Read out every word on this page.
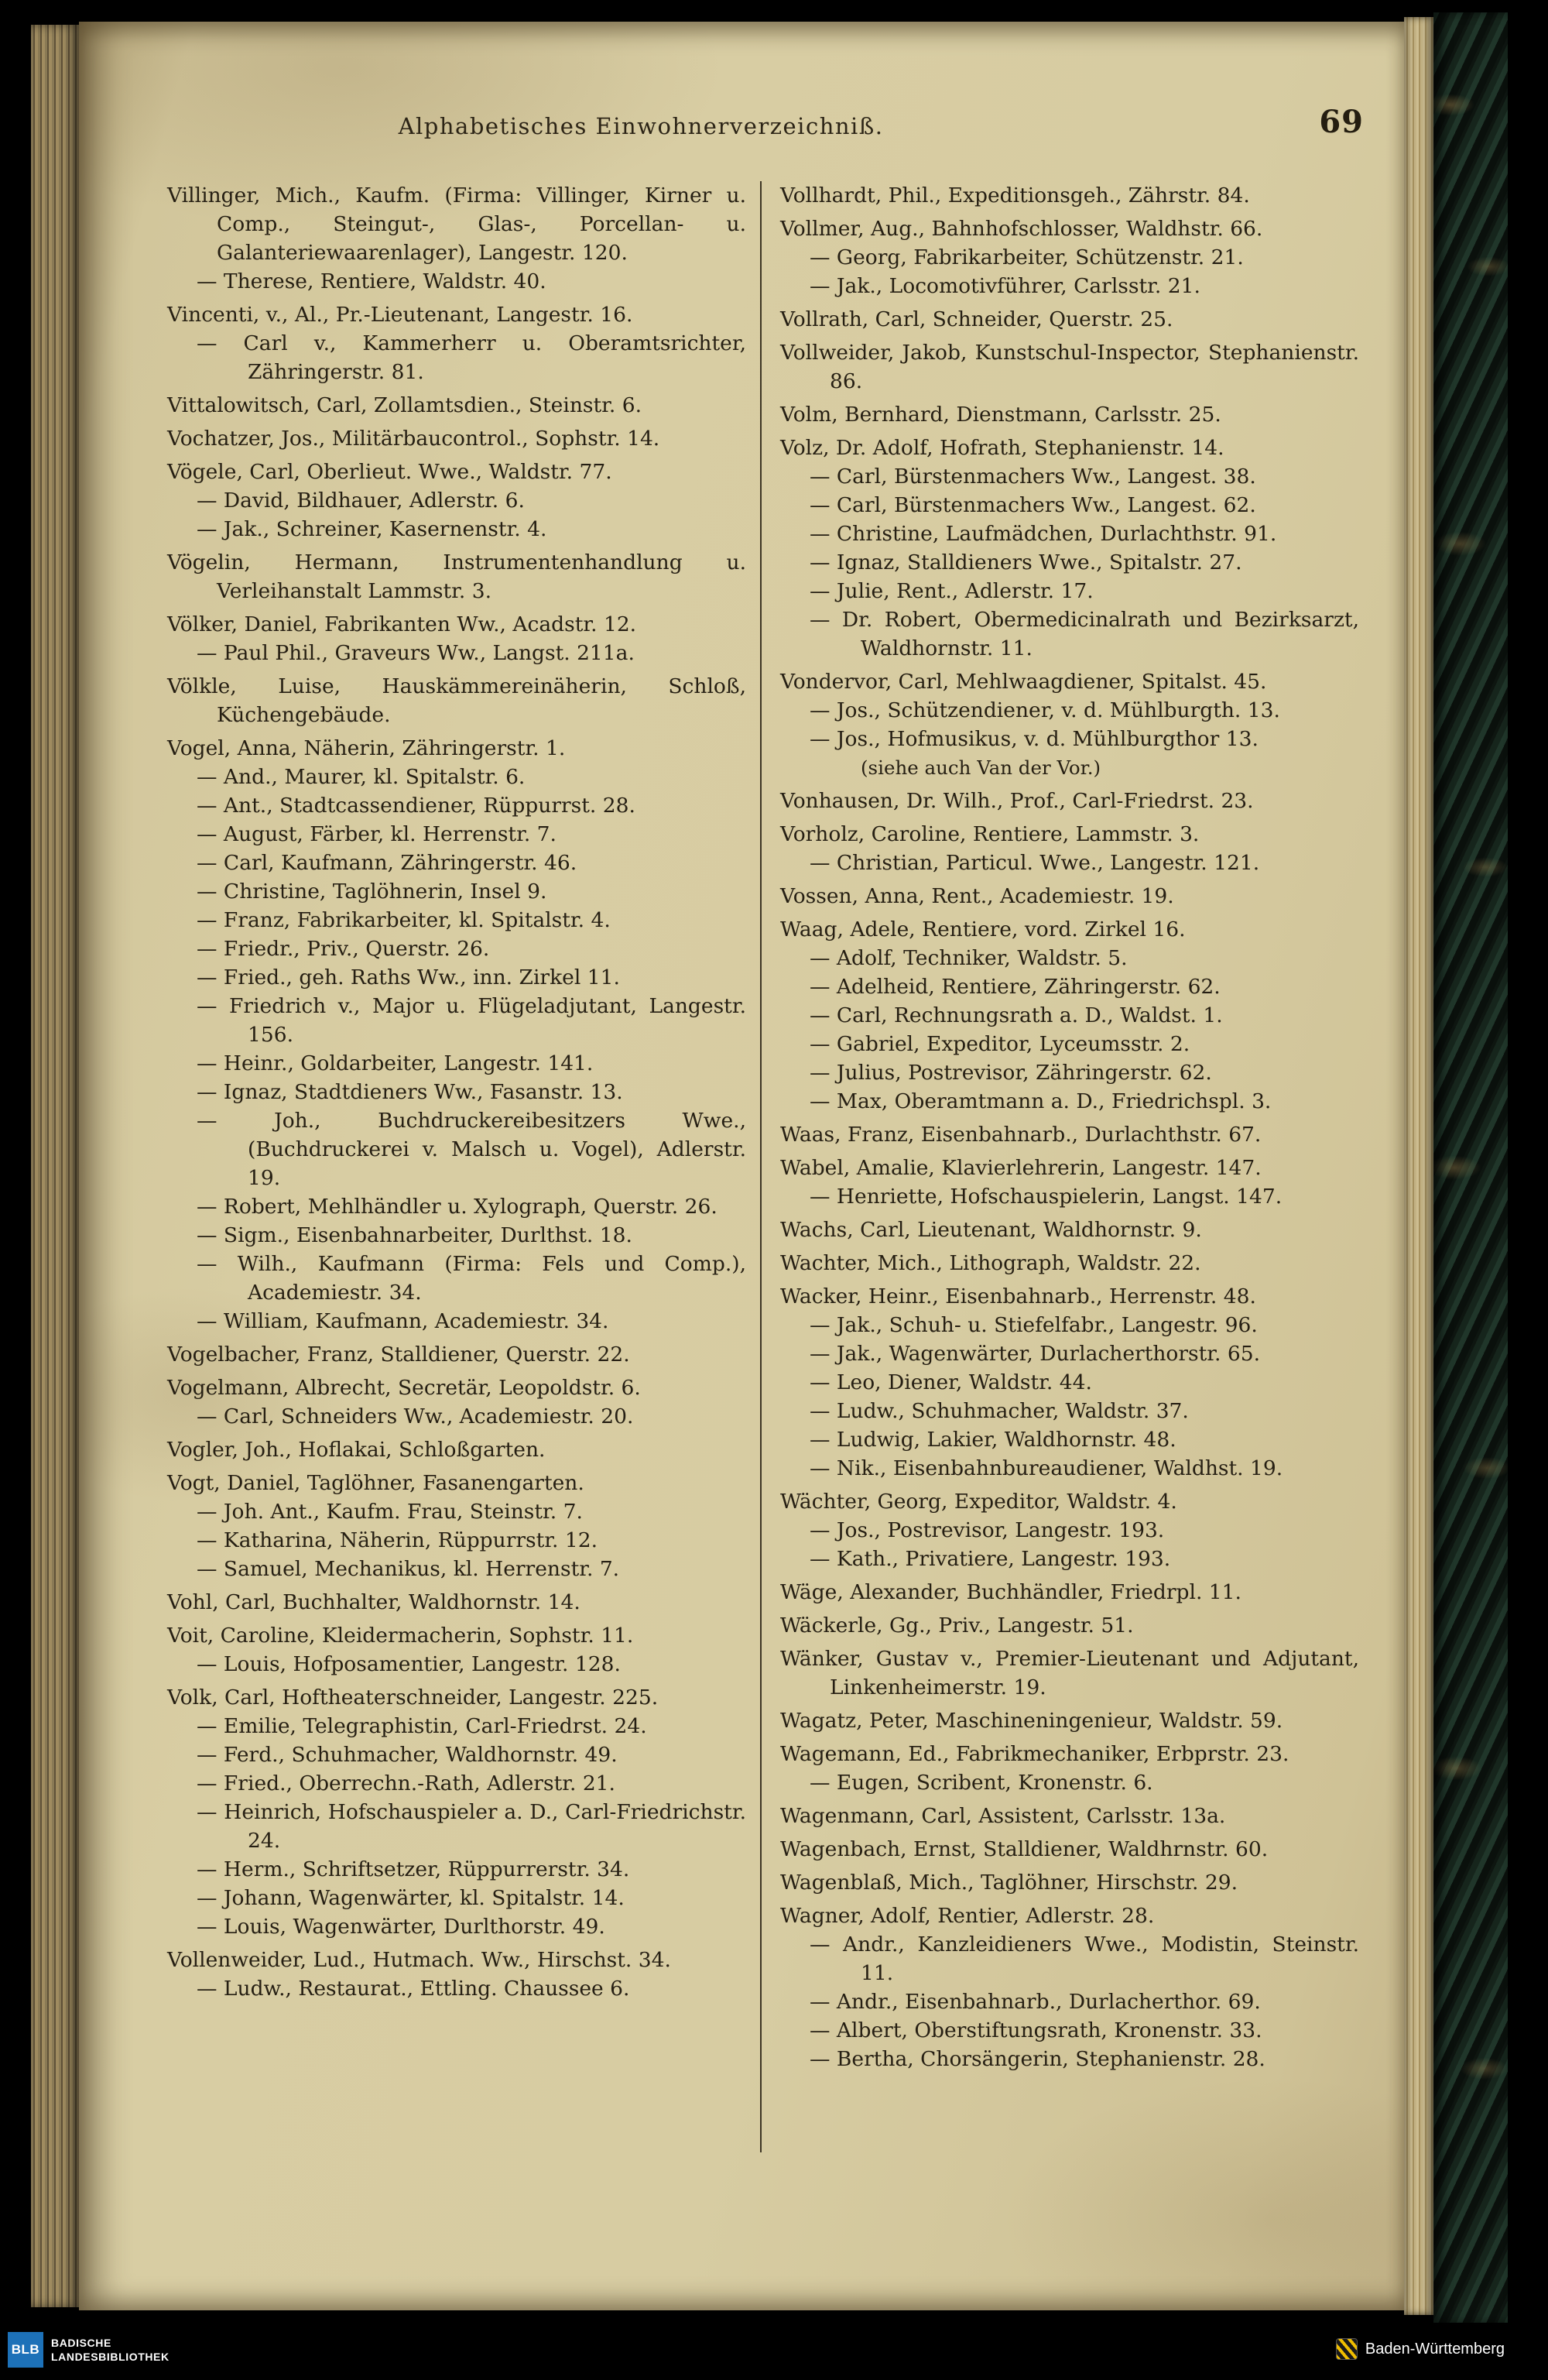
Alphabetisches Einwohnerverzeichniß.	69

Villinger, Mich., Kaufm. (Firma: Villinger, Kirner u. Comp., Steingut-, Glas-, Porcellan- u. Galanteriewaarenlager), Langestr. 120.

— Therese, Rentiere, Waldstr. 40.

Vincenti, v., Al., Pr.-Lieutenant, Langestr. 16.

— Carl v., Kammerherr u. Oberamtsrichter, Zähringerstr. 81.

Vittalowitsch, Carl, Zollamtsdien., Steinstr. 6.

Vochatzer, Jos., Militärbaucontrol., Sophstr. 14.

Vögele, Carl, Oberlieut. Wwe., Waldstr. 77.

— David, Bildhauer, Adlerstr. 6.

— Jak., Schreiner, Kasernenstr. 4.

Vögelin, Hermann, Instrumentenhandlung u. Verleihanstalt Lammstr. 3.

Völker, Daniel, Fabrikanten Ww., Acadstr. 12.

— Paul Phil., Graveurs Ww., Langst. 211a.

Völkle, Luise, Hauskämmereinäherin, Schloß, Küchengebäude.

Vogel, Anna, Näherin, Zähringerstr. 1.

— And., Maurer, kl. Spitalstr. 6.

— Ant., Stadtcassendiener, Rüppurrst. 28.

— August, Färber, kl. Herrenstr. 7.

— Carl, Kaufmann, Zähringerstr. 46.

— Christine, Taglöhnerin, Insel 9.

— Franz, Fabrikarbeiter, kl. Spitalstr. 4.

— Friedr., Priv., Querstr. 26.

— Fried., geh. Raths Ww., inn. Zirkel 11.

— Friedrich v., Major u. Flügeladjutant, Langestr. 156.

— Heinr., Goldarbeiter, Langestr. 141.

— Ignaz, Stadtdieners Ww., Fasanstr. 13.

— Joh., Buchdruckereibesitzers Wwe., (Buchdruckerei v. Malsch u. Vogel), Adlerstr. 19.

— Robert, Mehlhändler u. Xylograph, Querstr. 26.

— Sigm., Eisenbahnarbeiter, Durlthst. 18.

— Wilh., Kaufmann (Firma: Fels und Comp.), Academiestr. 34.

— William, Kaufmann, Academiestr. 34.

Vogelbacher, Franz, Stalldiener, Querstr. 22.

Vogelmann, Albrecht, Secretär, Leopoldstr. 6.

— Carl, Schneiders Ww., Academiestr. 20.

Vogler, Joh., Hoflakai, Schloßgarten.

Vogt, Daniel, Taglöhner, Fasanengarten.

— Joh. Ant., Kaufm. Frau, Steinstr. 7.

— Katharina, Näherin, Rüppurrstr. 12.

— Samuel, Mechanikus, kl. Herrenstr. 7.

Vohl, Carl, Buchhalter, Waldhornstr. 14.

Voit, Caroline, Kleidermacherin, Sophstr. 11.

— Louis, Hofposamentier, Langestr. 128.

Volk, Carl, Hoftheaterschneider, Langestr. 225.

— Emilie, Telegraphistin, Carl-Friedrst. 24.

— Ferd., Schuhmacher, Waldhornstr. 49.

— Fried., Oberrechn.-Rath, Adlerstr. 21.

— Heinrich, Hofschauspieler a. D., Carl-Friedrichstr. 24.

— Herm., Schriftsetzer, Rüppurrerstr. 34.

— Johann, Wagenwärter, kl. Spitalstr. 14.

— Louis, Wagenwärter, Durlthorstr. 49.

Vollenweider, Lud., Hutmach. Ww., Hirschst. 34.

— Ludw., Restaurat., Ettling. Chaussee 6.

Vollhardt, Phil., Expeditionsgeh., Zährstr. 84.

Vollmer, Aug., Bahnhofschlosser, Waldhstr. 66.

— Georg, Fabrikarbeiter, Schützenstr. 21.

— Jak., Locomotivführer, Carlsstr. 21.

Vollrath, Carl, Schneider, Querstr. 25.

Vollweider, Jakob, Kunstschul-Inspector, Stephanienstr. 86.

Volm, Bernhard, Dienstmann, Carlsstr. 25.

Volz, Dr. Adolf, Hofrath, Stephanienstr. 14.

— Carl, Bürstenmachers Ww., Langest. 38.

— Carl, Bürstenmachers Ww., Langest. 62.

— Christine, Laufmädchen, Durlachthstr. 91.

— Ignaz, Stalldieners Wwe., Spitalstr. 27.

— Julie, Rent., Adlerstr. 17.

— Dr. Robert, Obermedicinalrath und Bezirksarzt, Waldhornstr. 11.

Vondervor, Carl, Mehlwaagdiener, Spitalst. 45.

— Jos., Schützendiener, v. d. Mühlburgth. 13.

— Jos., Hofmusikus, v. d. Mühlburgthor 13.

(siehe auch Van der Vor.)

Vonhausen, Dr. Wilh., Prof., Carl-Friedrst. 23.

Vorholz, Caroline, Rentiere, Lammstr. 3.

— Christian, Particul. Wwe., Langestr. 121.

Vossen, Anna, Rent., Academiestr. 19.

Waag, Adele, Rentiere, vord. Zirkel 16.

— Adolf, Techniker, Waldstr. 5.

— Adelheid, Rentiere, Zähringerstr. 62.

— Carl, Rechnungsrath a. D., Waldst. 1.

— Gabriel, Expeditor, Lyceumsstr. 2.

— Julius, Postrevisor, Zähringerstr. 62.

— Max, Oberamtmann a. D., Friedrichspl. 3.

Waas, Franz, Eisenbahnarb., Durlachthstr. 67.

Wabel, Amalie, Klavierlehrerin, Langestr. 147.

— Henriette, Hofschauspielerin, Langst. 147.

Wachs, Carl, Lieutenant, Waldhornstr. 9.

Wachter, Mich., Lithograph, Waldstr. 22.

Wacker, Heinr., Eisenbahnarb., Herrenstr. 48.

— Jak., Schuh- u. Stiefelfabr., Langestr. 96.

— Jak., Wagenwärter, Durlacherthorstr. 65.

— Leo, Diener, Waldstr. 44.

— Ludw., Schuhmacher, Waldstr. 37.

— Ludwig, Lakier, Waldhornstr. 48.

— Nik., Eisenbahnbureaudiener, Waldhst. 19.

Wächter, Georg, Expeditor, Waldstr. 4.

— Jos., Postrevisor, Langestr. 193.

— Kath., Privatiere, Langestr. 193.

Wäge, Alexander, Buchhändler, Friedrpl. 11.

Wäckerle, Gg., Priv., Langestr. 51.

Wänker, Gustav v., Premier-Lieutenant und Adjutant, Linkenheimerstr. 19.

Wagatz, Peter, Maschineningenieur, Waldstr. 59.

Wagemann, Ed., Fabrikmechaniker, Erbprstr. 23.

— Eugen, Scribent, Kronenstr. 6.

Wagenmann, Carl, Assistent, Carlsstr. 13a.

Wagenbach, Ernst, Stalldiener, Waldhrnstr. 60.

Wagenblaß, Mich., Taglöhner, Hirschstr. 29.

Wagner, Adolf, Rentier, Adlerstr. 28.

— Andr., Kanzleidieners Wwe., Modistin, Steinstr. 11.

— Andr., Eisenbahnarb., Durlacherthor. 69.

— Albert, Oberstiftungsrath, Kronenstr. 33.

— Bertha, Chorsängerin, Stephanienstr. 28.

BLB	BADISCHE
LANDESBIBLIOTHEK	Baden-Württemberg
